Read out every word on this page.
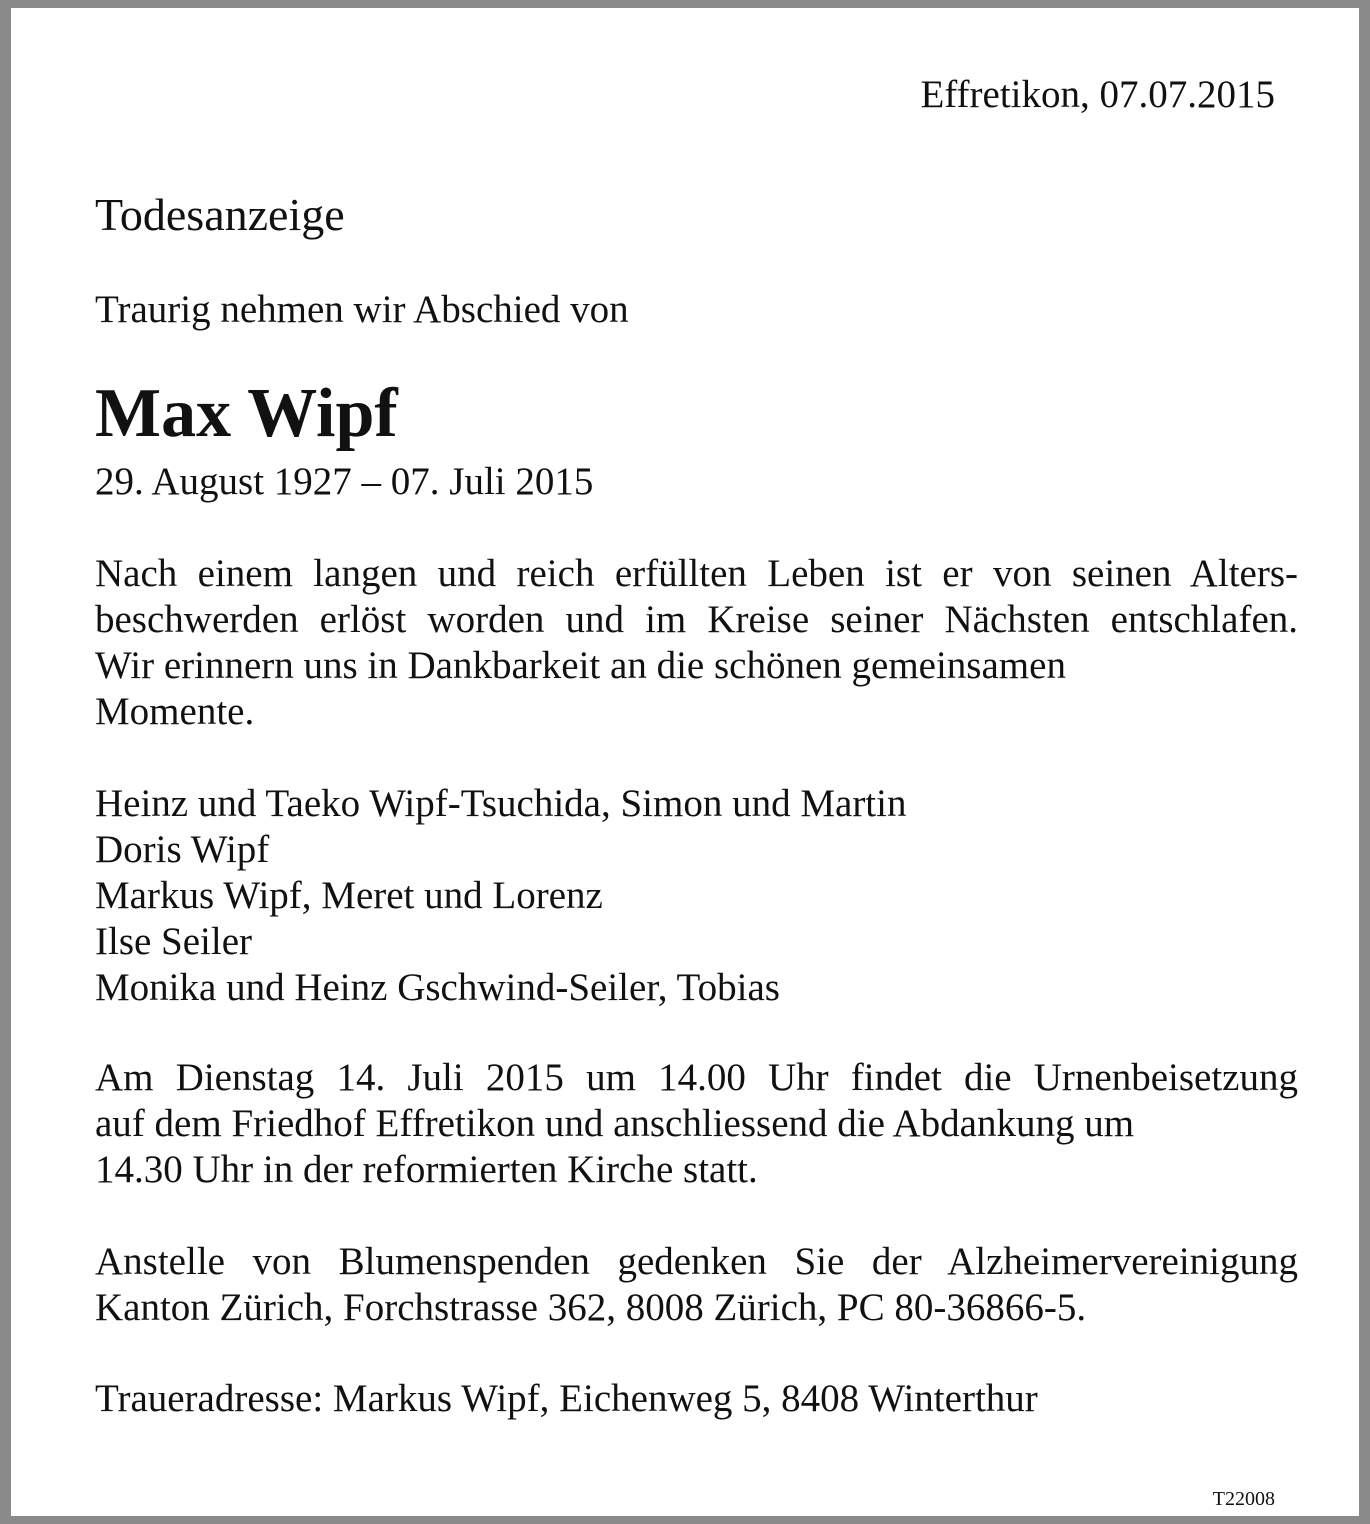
Effretikon, 07.07.2015
Todesanzeige
Traurig nehmen wir Abschied von
Max Wipf
29. August 1927 – 07. Juli 2015
Nach einem langen und reich erfüllten Leben ist er von seinen Alters-
beschwerden erlöst worden und im Kreise seiner Nächsten entschlafen.
Wir erinnern uns in Dankbarkeit an die schönen gemeinsamen
Momente.
Heinz und Taeko Wipf-Tsuchida, Simon und Martin
Doris Wipf
Markus Wipf, Meret und Lorenz
Ilse Seiler
Monika und Heinz Gschwind-Seiler, Tobias
Am Dienstag 14. Juli 2015 um 14.00 Uhr findet die Urnenbeisetzung
auf dem Friedhof Effretikon und anschliessend die Abdankung um
14.30 Uhr in der reformierten Kirche statt.
Anstelle von Blumenspenden gedenken Sie der Alzheimervereinigung
Kanton Zürich, Forchstrasse 362, 8008 Zürich, PC 80-36866-5.
Traueradresse: Markus Wipf, Eichenweg 5, 8408 Winterthur
T22008
